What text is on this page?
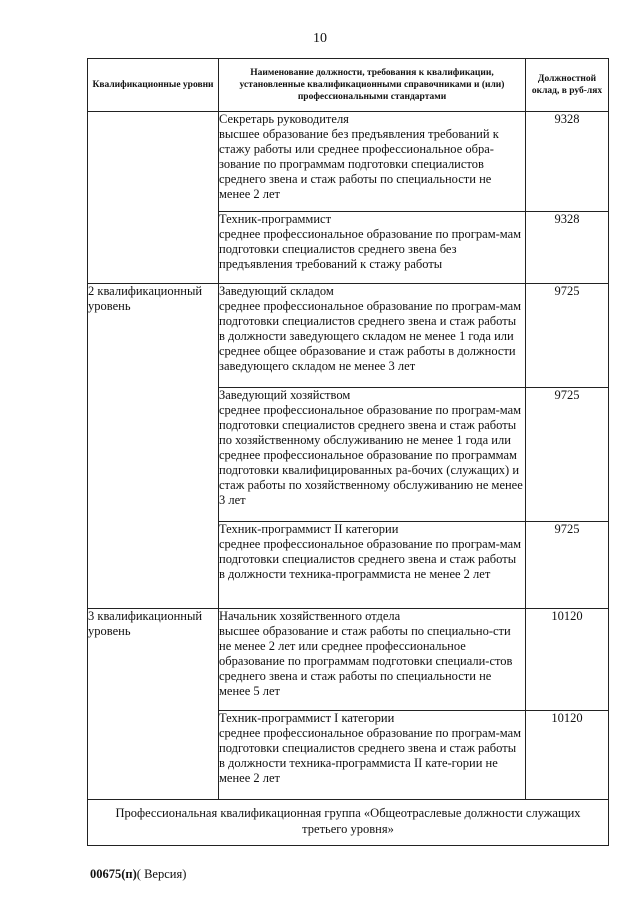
10
Квалификационные уровни	Наименование должности, требования к квалификации, установленные квалификационными справочниками и (или) профессиональными стандартами	Должностной оклад, в руб-лях

	Секретарь руководителя
высшее образование без предъявления требований к стажу работы или среднее профессиональное обра-зование по программам подготовки специалистов среднего звена и стаж работы по специальности не менее 2 лет	9328

	Техник-программист
среднее профессиональное образование по програм-мам подготовки специалистов среднего звена без предъявления требований к стажу работы	9328
2 квалификационный уровень	Заведующий складом
среднее профессиональное образование по програм-мам подготовки специалистов среднего звена и стаж работы в должности заведующего складом не менее 1 года или среднее общее образование и стаж работы в должности заведующего складом не менее 3 лет	9725

	Заведующий хозяйством
среднее профессиональное образование по програм-мам подготовки специалистов среднего звена и стаж работы по хозяйственному обслуживанию не менее 1 года или среднее профессиональное образование по программам подготовки квалифицированных ра-бочих (служащих) и стаж работы по хозяйственному обслуживанию не менее 3 лет	9725

	Техник-программист II категории
среднее профессиональное образование по програм-мам подготовки специалистов среднего звена и стаж работы в должности техника-программиста не менее 2 лет	9725
3 квалификационный уровень	Начальник хозяйственного отдела
высшее образование и стаж работы по специально-сти не менее 2 лет или среднее профессиональное образование по программам подготовки специали-стов среднего звена и стаж работы по специальности не менее 5 лет	10120

	Техник-программист I категории
среднее профессиональное образование по програм-мам подготовки специалистов среднего звена и стаж работы в должности техника-программиста II кате-гории не менее 2 лет	10120
Профессиональная квалификационная группа «Общеотраслевые должности служащих третьего уровня»		
00675(п)( Версия)
